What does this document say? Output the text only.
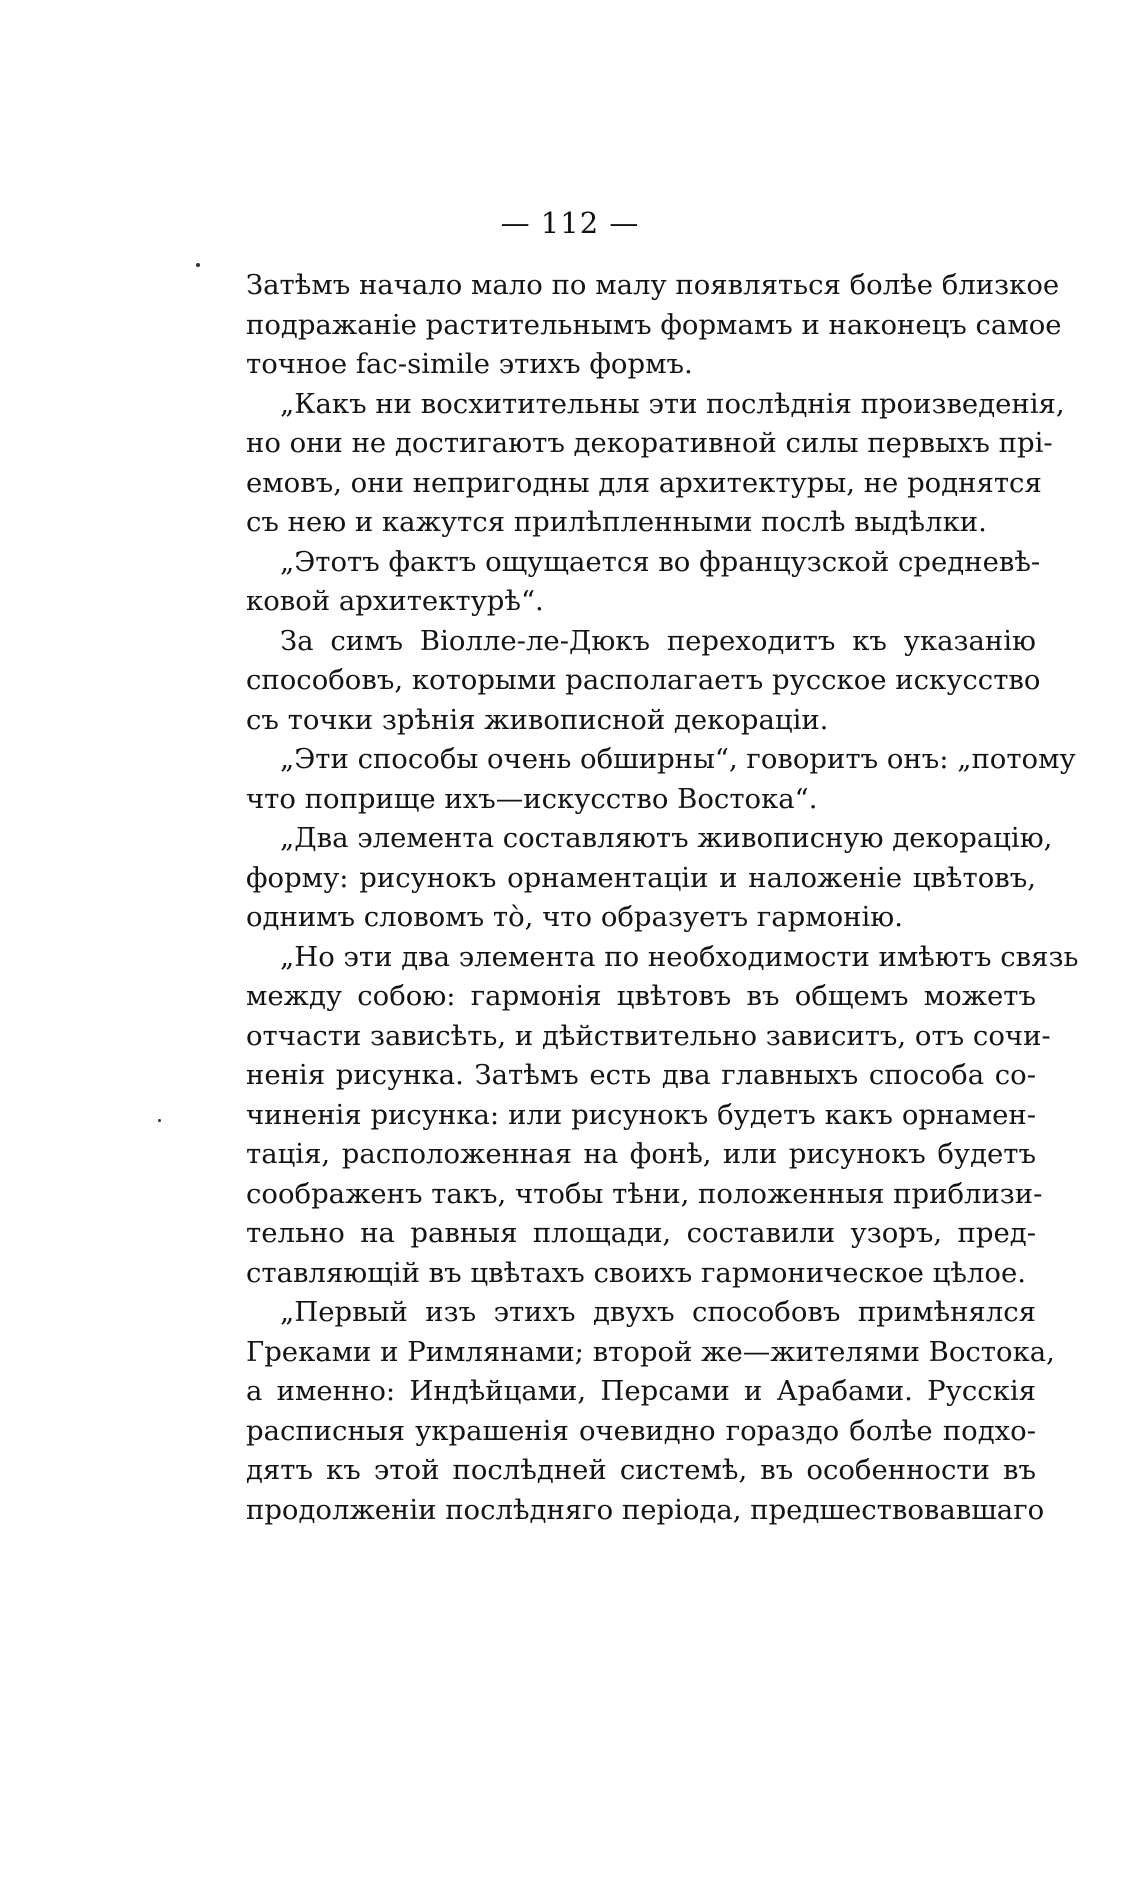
— 112 —
Затѣмъ начало мало по малу появляться болѣе близкое
подражаніе растительнымъ формамъ и наконецъ самое
точное fac-simile этихъ формъ.
„Какъ ни восхитительны эти послѣднія произведенія,
но они не достигаютъ декоративной силы первыхъ прі-
емовъ, они непригодны для архитектуры, не роднятся
съ нею и кажутся прилѣпленными послѣ выдѣлки.
„Этотъ фактъ ощущается во французской средневѣ-
ковой архитектурѣ“.
За симъ Віолле-ле-Дюкъ переходитъ къ указанію
способовъ, которыми располагаетъ русское искусство
съ точки зрѣнія живописной декораціи.
„Эти способы очень обширны“, говоритъ онъ: „потому
что поприще ихъ—искусство Востока“.
„Два элемента составляютъ живописную декорацію,
форму: рисунокъ орнаментаціи и наложеніе цвѣтовъ,
однимъ словомъ тò, что образуетъ гармонію.
„Но эти два элемента по необходимости имѣютъ связь
между собою: гармонія цвѣтовъ въ общемъ можетъ
отчасти зависѣть, и дѣйствительно зависитъ, отъ сочи-
ненія рисунка. Затѣмъ есть два главныхъ способа со-
чиненія рисунка: или рисунокъ будетъ какъ орнамен-
тація, расположенная на фонѣ, или рисунокъ будетъ
соображенъ такъ, чтобы тѣни, положенныя приблизи-
тельно на равныя площади, составили узоръ, пред-
ставляющій въ цвѣтахъ своихъ гармоническое цѣлое.
„Первый изъ этихъ двухъ способовъ примѣнялся
Греками и Римлянами; второй же—жителями Востока,
а именно: Индѣйцами, Персами и Арабами. Русскія
расписныя украшенія очевидно гораздо болѣе подхо-
дятъ къ этой послѣдней системѣ, въ особенности въ
продолженіи послѣдняго періода, предшествовавшаго
